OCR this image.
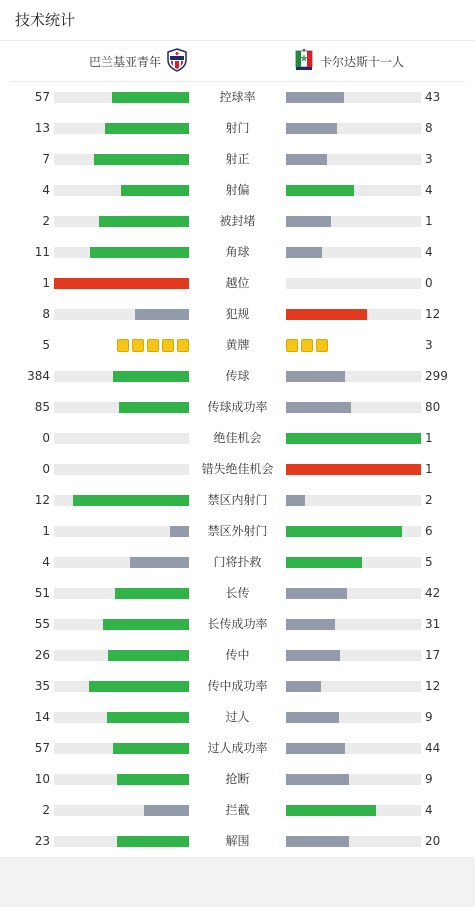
技术统计
巴兰基亚青年	卡尔达斯十一人
57	控球率	43
13	射门	8
7	射正	3
4	射偏	4
2	被封堵	1
11	角球	4
1	越位	0
8	犯规	12
5	黄牌	3
384	传球	299
85	传球成功率	80
0	绝佳机会	1
0	错失绝佳机会	1
12	禁区内射门	2
1	禁区外射门	6
4	门将扑救	5
51	长传	42
55	长传成功率	31
26	传中	17
35	传中成功率	12
14	过人	9
57	过人成功率	44
10	抢断	9
2	拦截	4
23	解围	20
